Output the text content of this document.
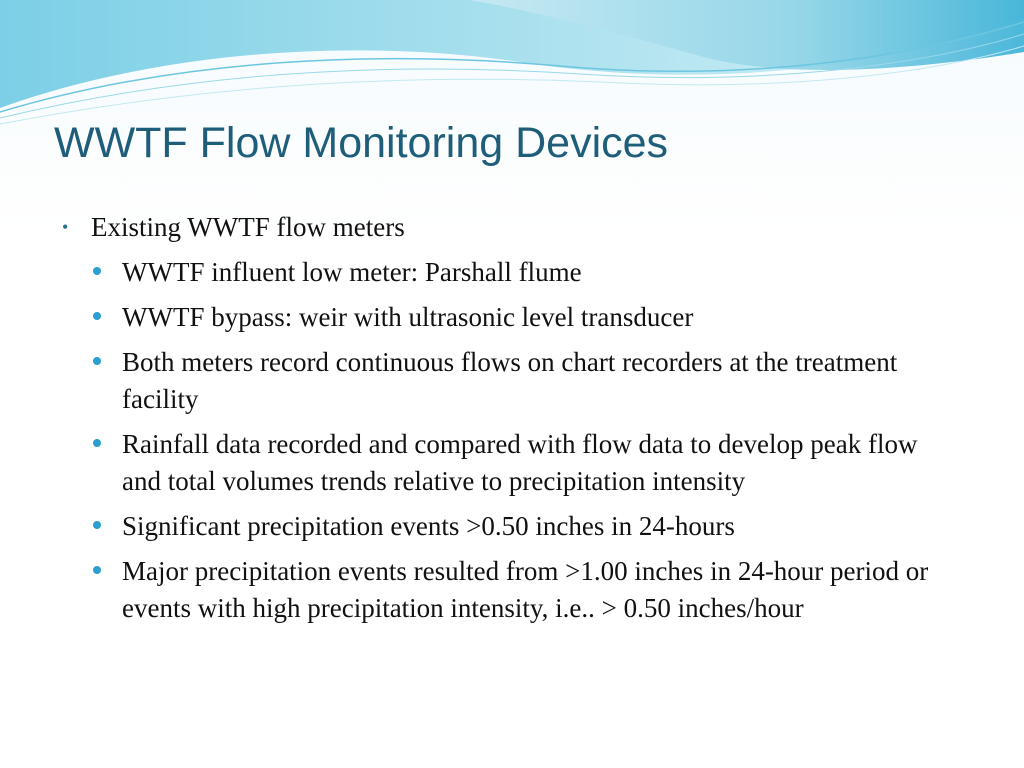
WWTF Flow Monitoring Devices
• Existing WWTF flow meters
WWTF influent low meter: Parshall flume
WWTF bypass: weir with ultrasonic level transducer
Both meters record continuous flows on chart recorders at the treatment facility
Rainfall data recorded and compared with flow data to develop peak flow and total volumes trends relative to precipitation intensity
Significant precipitation events >0.50 inches in 24-hours
Major precipitation events resulted from >1.00 inches in 24-hour period or events with high precipitation intensity, i.e.. > 0.50 inches/hour
